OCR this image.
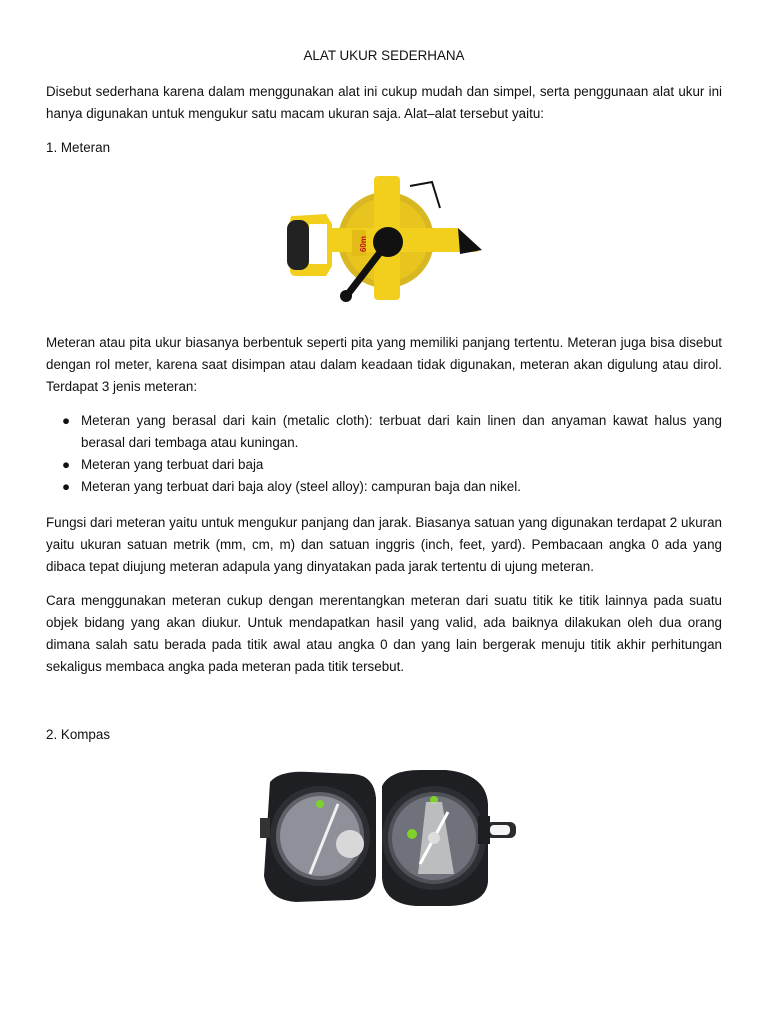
ALAT UKUR SEDERHANA

Disebut sederhana karena dalam menggunakan alat ini cukup mudah dan simpel, serta penggunaan alat ukur ini hanya digunakan untuk mengukur satu macam ukuran saja. Alat–alat tersebut yaitu:

1. Meteran

60m

Meteran atau pita ukur biasanya berbentuk seperti pita yang memiliki panjang tertentu. Meteran juga bisa disebut dengan rol meter, karena saat disimpan atau dalam keadaan tidak digunakan, meteran akan digulung atau dirol. Terdapat 3 jenis meteran:

● Meteran yang berasal dari kain (metalic cloth): terbuat dari kain linen dan anyaman kawat halus yang berasal dari tembaga atau kuningan.
● Meteran yang terbuat dari baja
● Meteran yang terbuat dari baja aloy (steel alloy): campuran baja dan nikel.

Fungsi dari meteran yaitu untuk mengukur panjang dan jarak. Biasanya satuan yang digunakan terdapat 2 ukuran yaitu ukuran satuan metrik (mm, cm, m) dan satuan inggris (inch, feet, yard). Pembacaan angka 0 ada yang dibaca tepat diujung meteran adapula yang dinyatakan pada jarak tertentu di ujung meteran.

Cara menggunakan meteran cukup dengan merentangkan meteran dari suatu titik ke titik lainnya pada suatu objek bidang yang akan diukur. Untuk mendapatkan hasil yang valid, ada baiknya dilakukan oleh dua orang dimana salah satu berada pada titik awal atau angka 0 dan yang lain bergerak menuju titik akhir perhitungan sekaligus membaca angka pada meteran pada titik tersebut.

2. Kompas
